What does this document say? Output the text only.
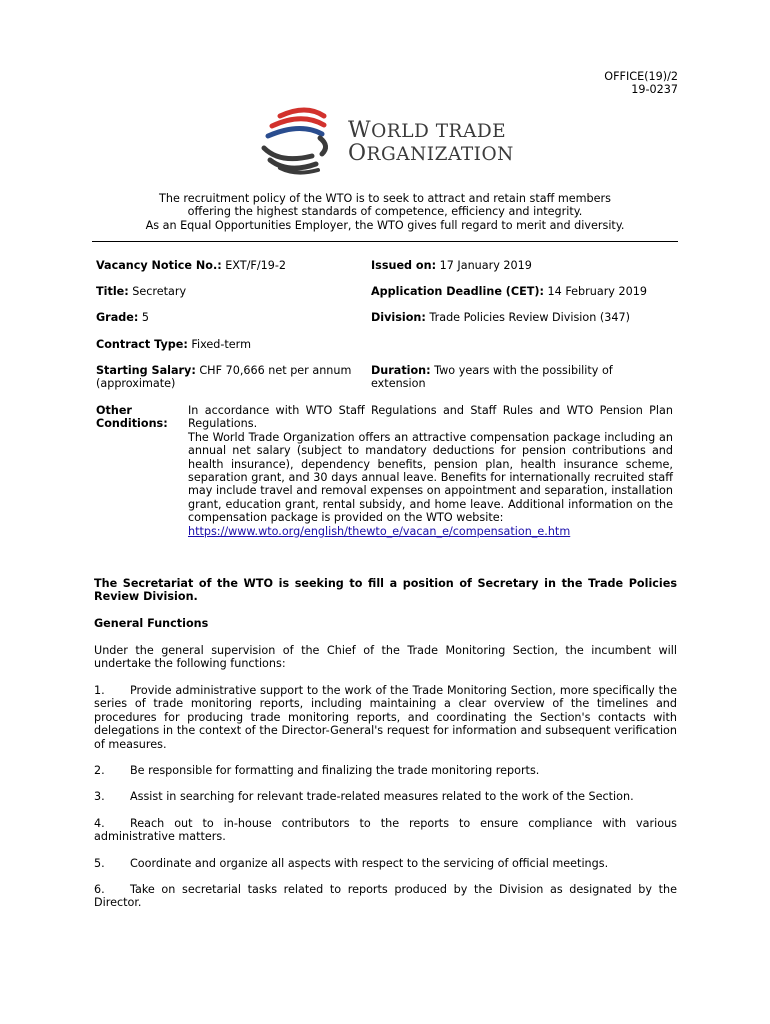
OFFICE(19)/2
19-0237
WORLD TRADE
ORGANIZATION
The recruitment policy of the WTO is to seek to attract and retain staff members
offering the highest standards of competence, efficiency and integrity.
As an Equal Opportunities Employer, the WTO gives full regard to merit and diversity.
Vacancy Notice No.: EXT/F/19-2	Issued on: 17 January 2019
Title: Secretary	Application Deadline (CET): 14 February 2019
Grade: 5	Division: Trade Policies Review Division (347)
Contract Type: Fixed-term
Starting Salary: CHF 70,666 net per annum (approximate)
Duration: Two years with the possibility of extension
Other Conditions:
In accordance with WTO Staff Regulations and Staff Rules and WTO Pension Plan Regulations.
The World Trade Organization offers an attractive compensation package including an annual net salary (subject to mandatory deductions for pension contributions and health insurance), dependency benefits, pension plan, health insurance scheme, separation grant, and 30 days annual leave. Benefits for internationally recruited staff may include travel and removal expenses on appointment and separation, installation grant, education grant, rental subsidy, and home leave. Additional information on the compensation package is provided on the WTO website:
https://www.wto.org/english/thewto_e/vacan_e/compensation_e.htm
The Secretariat of the WTO is seeking to fill a position of Secretary in the Trade Policies Review Division.
General Functions
Under the general supervision of the Chief of the Trade Monitoring Section, the incumbent will undertake the following functions:
1. Provide administrative support to the work of the Trade Monitoring Section, more specifically the series of trade monitoring reports, including maintaining a clear overview of the timelines and procedures for producing trade monitoring reports, and coordinating the Section's contacts with delegations in the context of the Director-General's request for information and subsequent verification of measures.
2. Be responsible for formatting and finalizing the trade monitoring reports.
3. Assist in searching for relevant trade-related measures related to the work of the Section.
4. Reach out to in-house contributors to the reports to ensure compliance with various administrative matters.
5. Coordinate and organize all aspects with respect to the servicing of official meetings.
6. Take on secretarial tasks related to reports produced by the Division as designated by the Director.
